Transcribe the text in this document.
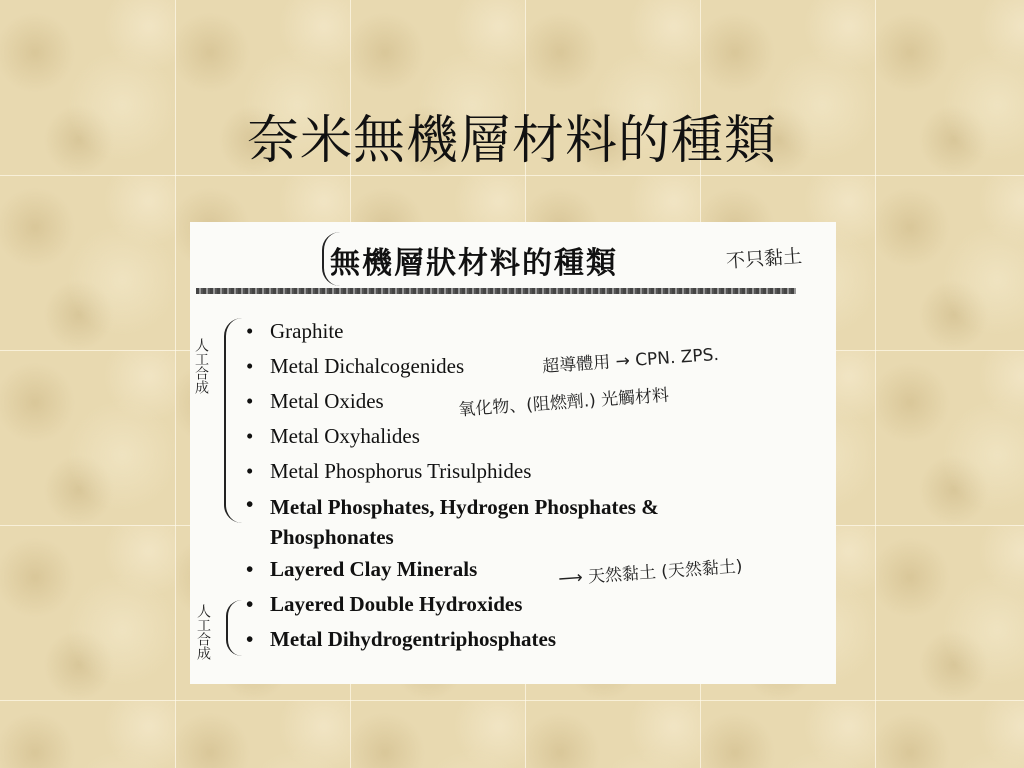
奈米無機層材料的種類
無機層狀材料的種類	不只黏土
人工合成
人工合成
• Graphite
• Metal Dichalcogenides
• Metal Oxides
• Metal Oxyhalides
• Metal Phosphorus Trisulphides
• Metal Phosphates, Hydrogen Phosphates &
Phosphonates
• Layered Clay Minerals
• Layered Double Hydroxides
• Metal Dihydrogentriphosphates
超導體用 → CPN. ZPS.
氧化物、(阻燃劑.) 光觸材料
⟶ 天然黏土 (天然黏土)
